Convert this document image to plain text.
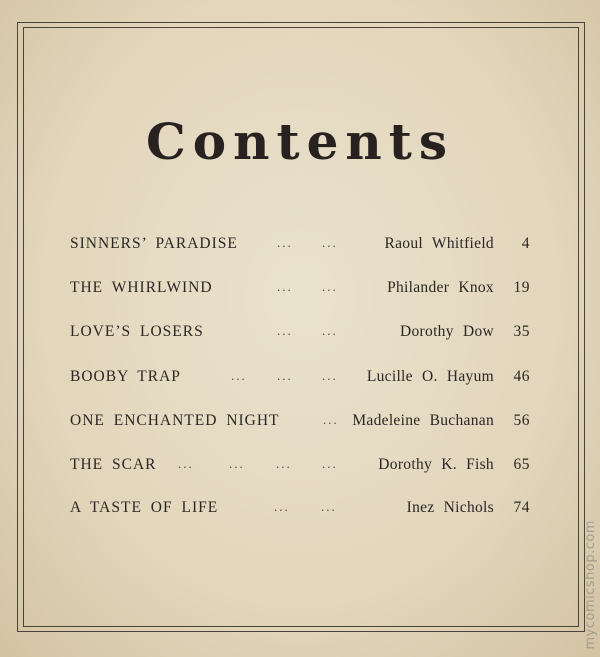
Contents
SINNERS’ PARADISE	... ...	Raoul Whitfield	4
THE WHIRLWIND	... ...	Philander Knox	19
LOVE’S LOSERS	... ...	Dorothy Dow	35
BOOBY TRAP	... ... ... Lucille O. Hayum	46
ONE ENCHANTED NIGHT	... Madeleine Buchanan	56
THE SCAR ...	... ... ...	Dorothy K. Fish	65
A TASTE OF LIFE	... ...	Inez Nichols	74
mycomicshop.com
